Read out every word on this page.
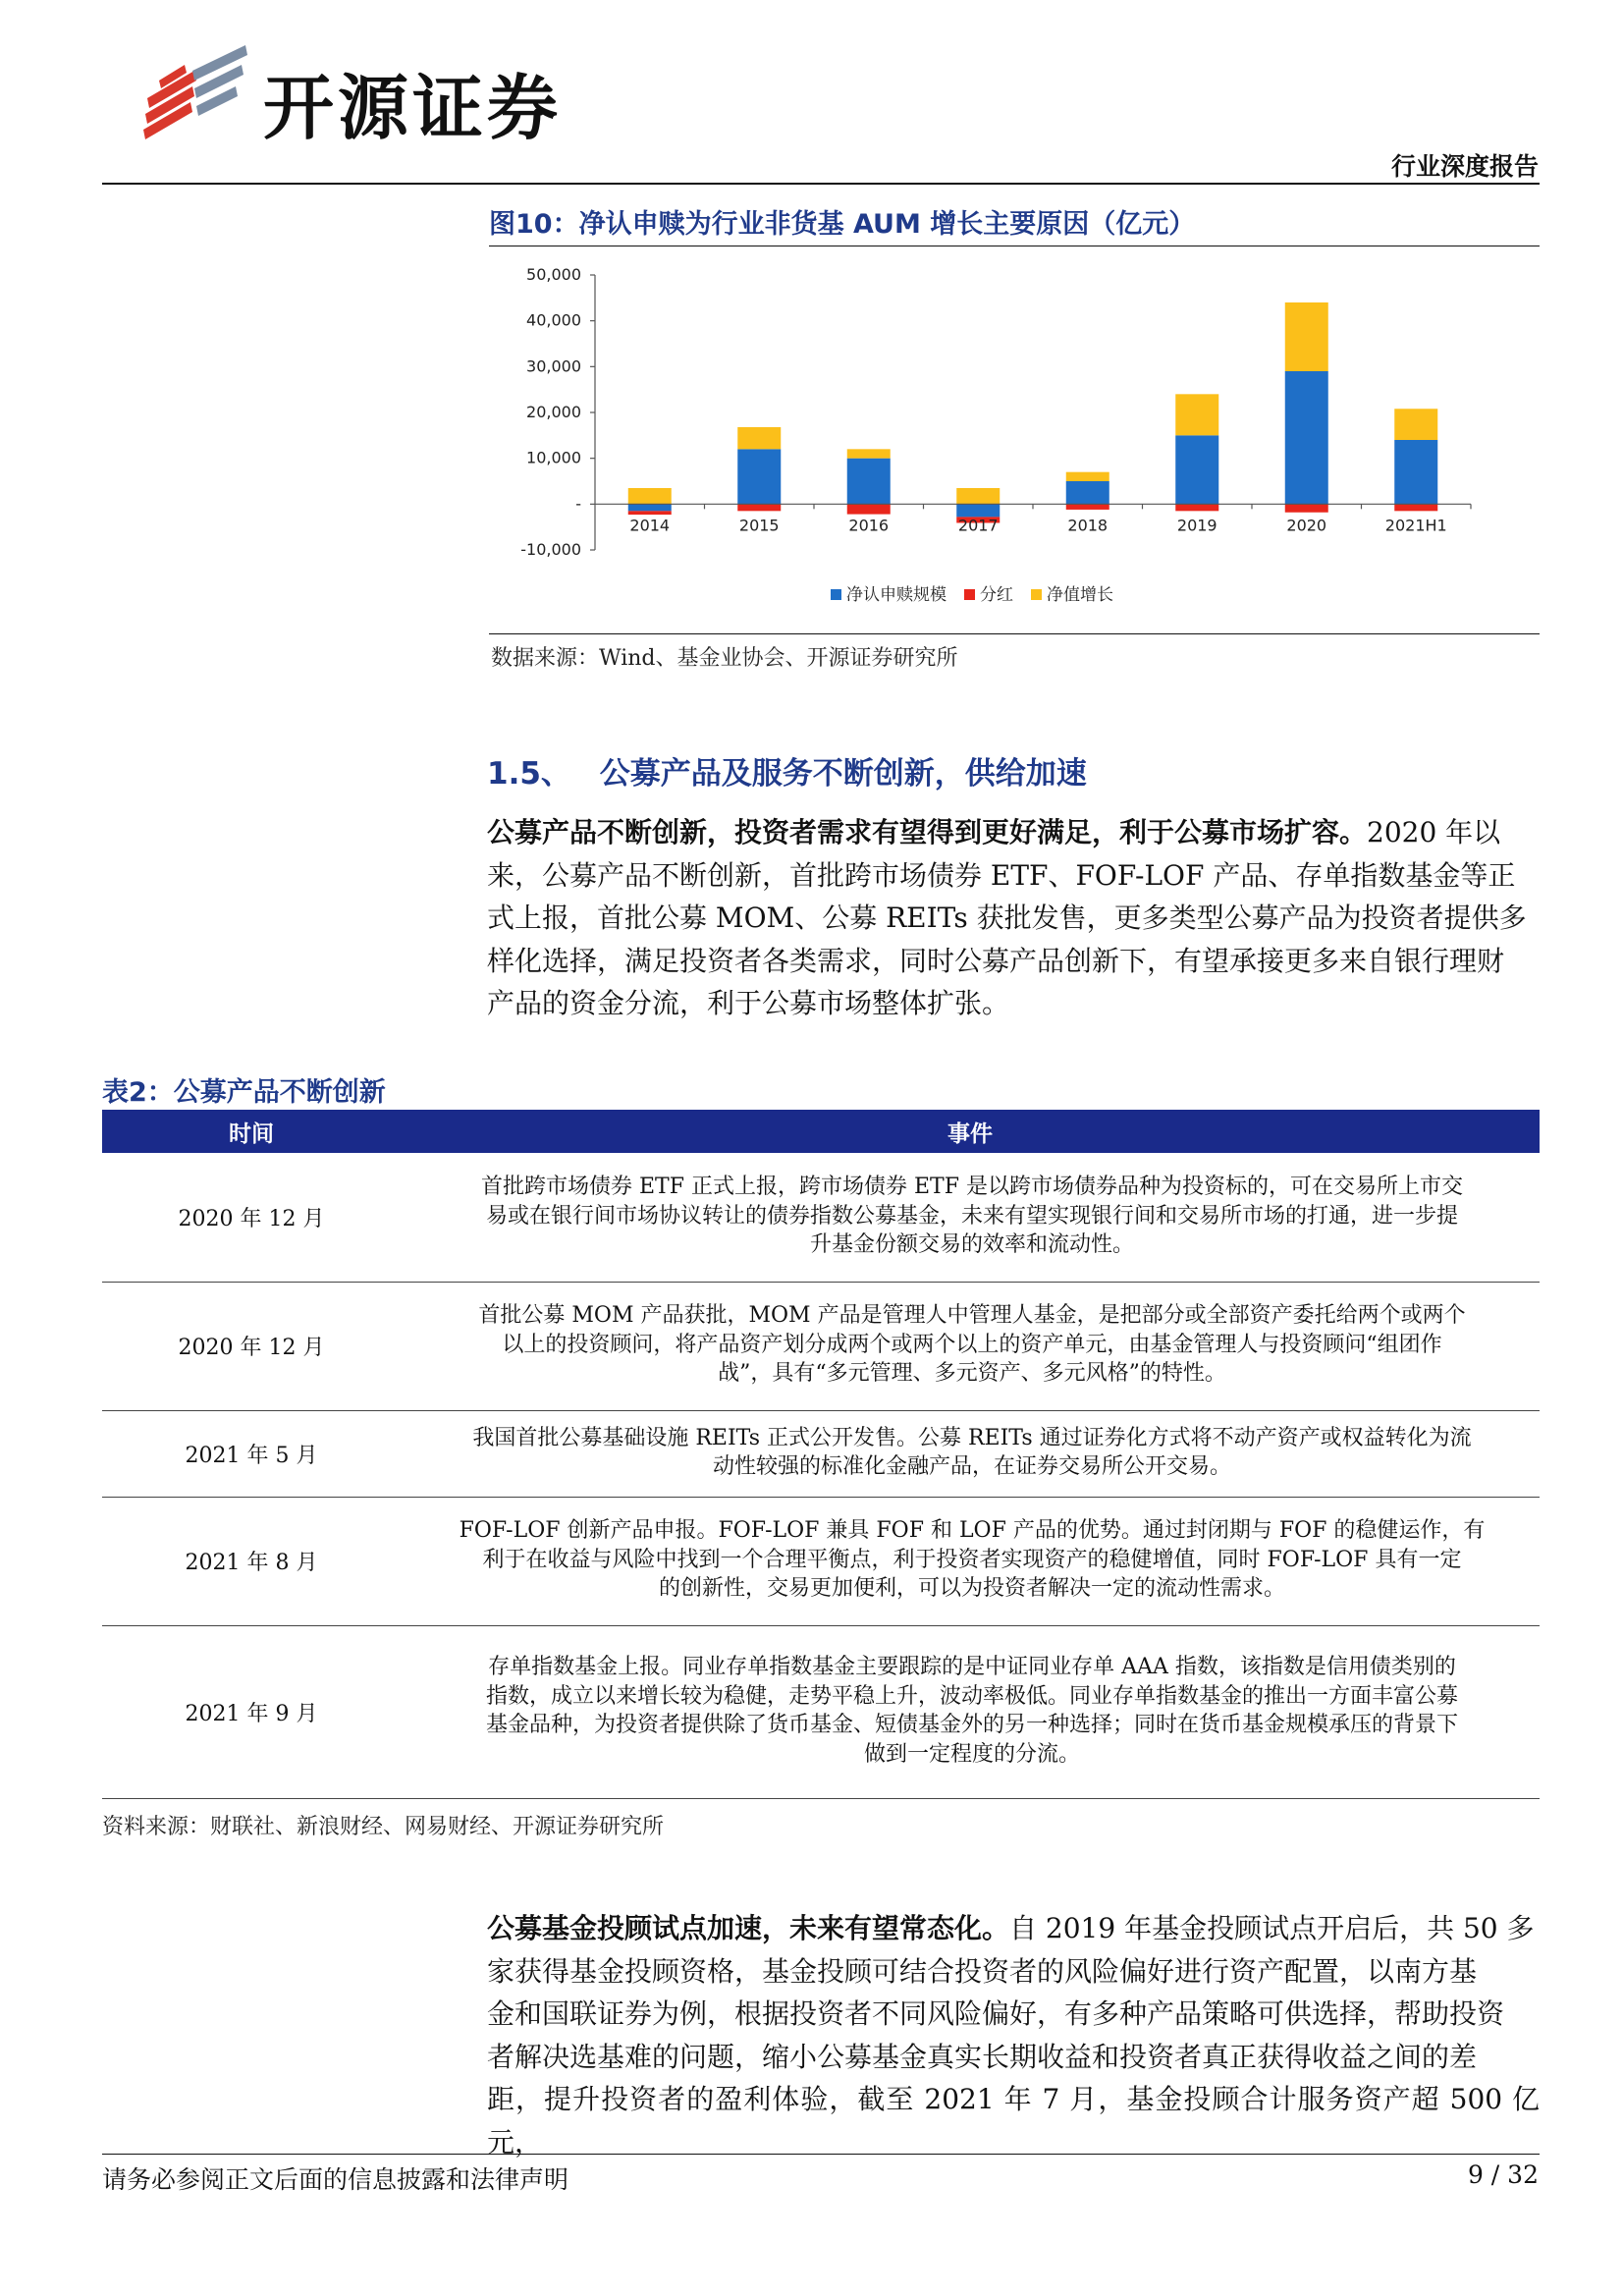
开源证券
行业深度报告
图10：净认申赎为行业非货基 AUM 增长主要原因（亿元）
50,000
40,000
30,000
20,000
10,000
-
-10,000
2014	2015	2016	2017	2018	2019	2020	2021H1
净认申赎规模 分红 净值增长
数据来源：Wind、基金业协会、开源证券研究所
1.5、 公募产品及服务不断创新，供给加速
公募产品不断创新，投资者需求有望得到更好满足，利于公募市场扩容。2020 年以
来，公募产品不断创新，首批跨市场债券 ETF、FOF-LOF 产品、存单指数基金等正
式上报，首批公募 MOM、公募 REITs 获批发售，更多类型公募产品为投资者提供多
样化选择，满足投资者各类需求，同时公募产品创新下，有望承接更多来自银行理财
产品的资金分流，利于公募市场整体扩张。
表2：公募产品不断创新
时间	事件
2020 年 12 月	首批跨市场债券 ETF 正式上报，跨市场债券 ETF 是以跨市场债券品种为投资标的，可在交易所上市交
易或在银行间市场协议转让的债券指数公募基金，未来有望实现银行间和交易所市场的打通，进一步提
升基金份额交易的效率和流动性。

2020 年 12 月	首批公募 MOM 产品获批，MOM 产品是管理人中管理人基金，是把部分或全部资产委托给两个或两个
以上的投资顾问，将产品资产划分成两个或两个以上的资产单元，由基金管理人与投资顾问“组团作
战”，具有“多元管理、多元资产、多元风格”的特性。

2021 年 5 月	我国首批公募基础设施 REITs 正式公开发售。公募 REITs 通过证券化方式将不动产资产或权益转化为流
动性较强的标准化金融产品，在证券交易所公开交易。

2021 年 8 月	FOF-LOF 创新产品申报。FOF-LOF 兼具 FOF 和 LOF 产品的优势。通过封闭期与 FOF 的稳健运作，有
利于在收益与风险中找到一个合理平衡点，利于投资者实现资产的稳健增值，同时 FOF-LOF 具有一定
的创新性，交易更加便利，可以为投资者解决一定的流动性需求。

2021 年 9 月	存单指数基金上报。同业存单指数基金主要跟踪的是中证同业存单 AAA 指数，该指数是信用债类别的
指数，成立以来增长较为稳健，走势平稳上升，波动率极低。同业存单指数基金的推出一方面丰富公募
基金品种，为投资者提供除了货币基金、短债基金外的另一种选择；同时在货币基金规模承压的背景下
做到一定程度的分流。
资料来源：财联社、新浪财经、网易财经、开源证券研究所
公募基金投顾试点加速，未来有望常态化。自 2019 年基金投顾试点开启后，共 50 多
家获得基金投顾资格，基金投顾可结合投资者的风险偏好进行资产配置，以南方基
金和国联证券为例，根据投资者不同风险偏好，有多种产品策略可供选择，帮助投资
者解决选基难的问题，缩小公募基金真实长期收益和投资者真正获得收益之间的差
距，提升投资者的盈利体验，截至 2021 年 7 月，基金投顾合计服务资产超 500 亿元，
请务必参阅正文后面的信息披露和法律声明	9 / 32
